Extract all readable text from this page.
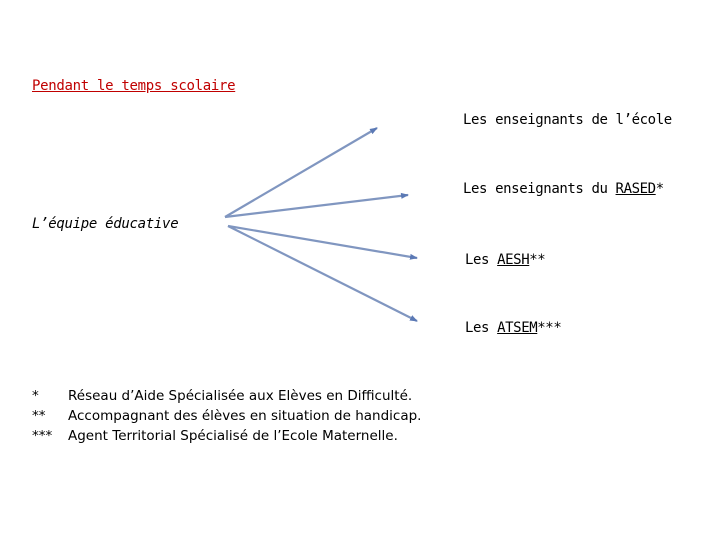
Pendant le temps scolaire
L’équipe éducative
Les enseignants de l’école
Les enseignants du RASED*
Les AESH**
Les ATSEM***
*	Réseau d’Aide Spécialisée aux Elèves en Difficulté.
**	Accompagnant des élèves en situation de handicap.
***	Agent Territorial Spécialisé de l’Ecole Maternelle.
